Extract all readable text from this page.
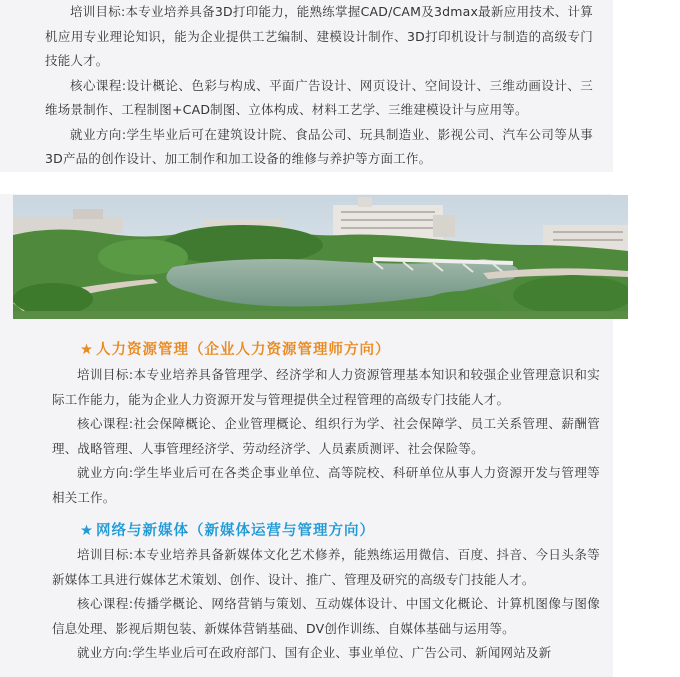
培训目标:本专业培养具备3D打印能力，能熟练掌握CAD/CAM及3dmax最新应用技术、计算机应用专业理论知识，能为企业提供工艺编制、建模设计制作、3D打印机设计与制造的高级专门技能人才。

核心课程:设计概论、色彩与构成、平面广告设计、网页设计、空间设计、三维动画设计、三维场景制作、工程制图+CAD制图、立体构成、材料工艺学、三维建模设计与应用等。

就业方向:学生毕业后可在建筑设计院、食品公司、玩具制造业、影视公司、汽车公司等从事3D产品的创作设计、加工制作和加工设备的维修与养护等方面工作。

★ 人力资源管理（企业人力资源管理师方向）

培训目标:本专业培养具备管理学、经济学和人力资源管理基本知识和较强企业管理意识和实际工作能力，能为企业人力资源开发与管理提供全过程管理的高级专门技能人才。

核心课程:社会保障概论、企业管理概论、组织行为学、社会保障学、员工关系管理、薪酬管理、战略管理、人事管理经济学、劳动经济学、人员素质测评、社会保险等。

就业方向:学生毕业后可在各类企事业单位、高等院校、科研单位从事人力资源开发与管理等相关工作。

★ 网络与新媒体（新媒体运营与管理方向）

培训目标:本专业培养具备新媒体文化艺术修养，能熟练运用微信、百度、抖音、今日头条等新媒体工具进行媒体艺术策划、创作、设计、推广、管理及研究的高级专门技能人才。

核心课程:传播学概论、网络营销与策划、互动媒体设计、中国文化概论、计算机图像与图像信息处理、影视后期包装、新媒体营销基础、DV创作训练、自媒体基础与运用等。

就业方向:学生毕业后可在政府部门、国有企业、事业单位、广告公司、新闻网站及新
